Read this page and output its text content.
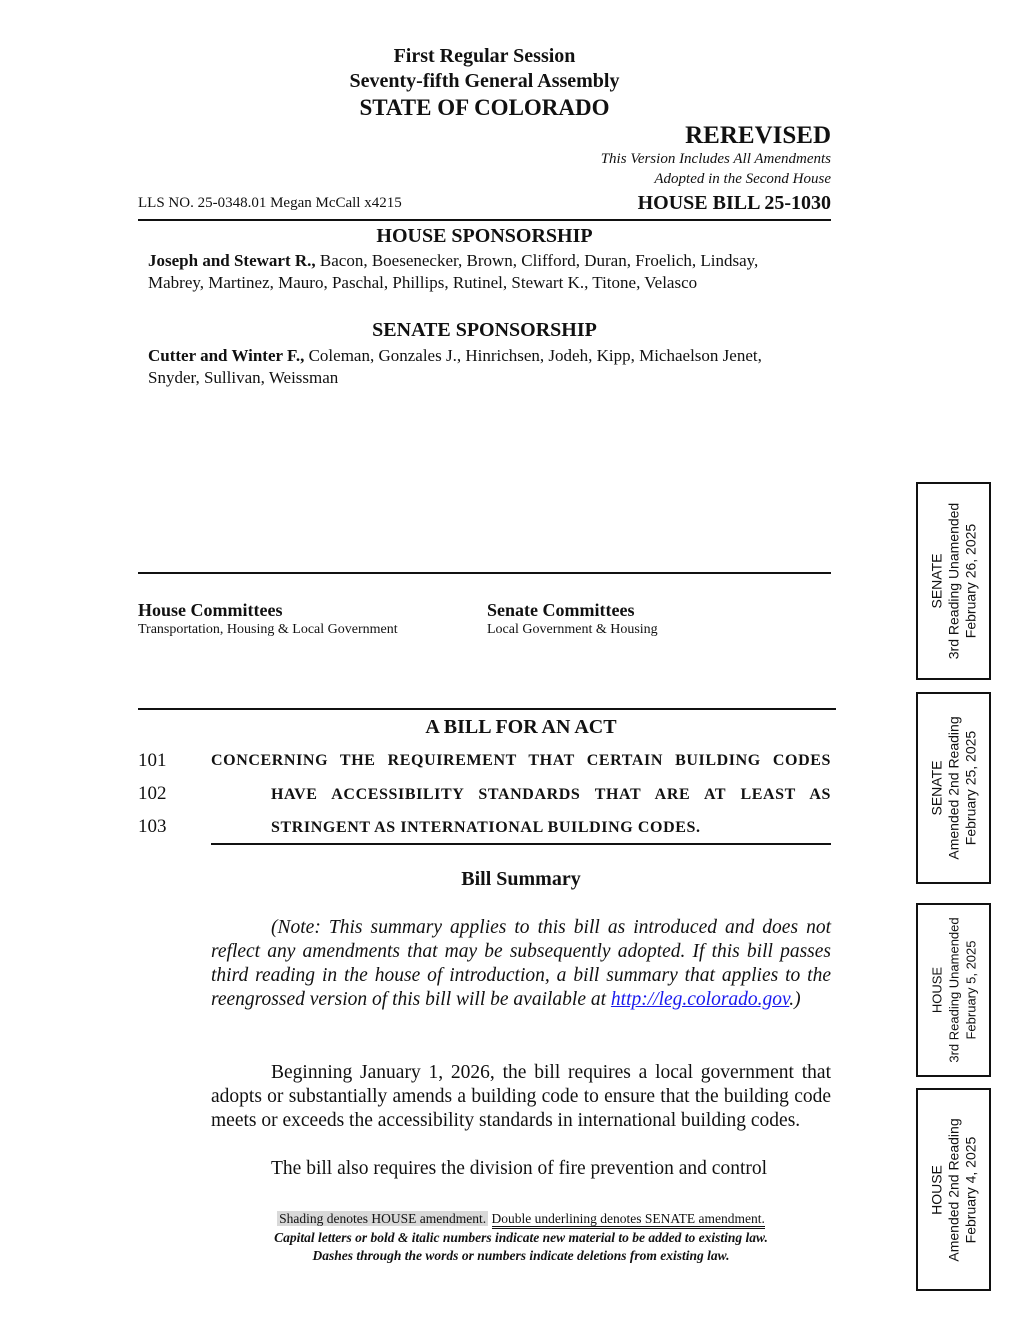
First Regular Session
Seventy-fifth General Assembly
STATE OF COLORADO
REREVISED
This Version Includes All Amendments
Adopted in the Second House
LLS NO. 25-0348.01 Megan McCall x4215	HOUSE BILL 25-1030
HOUSE SPONSORSHIP
Joseph and Stewart R., Bacon, Boesenecker, Brown, Clifford, Duran, Froelich, Lindsay,
Mabrey, Martinez, Mauro, Paschal, Phillips, Rutinel, Stewart K., Titone, Velasco
SENATE SPONSORSHIP
Cutter and Winter F., Coleman, Gonzales J., Hinrichsen, Jodeh, Kipp, Michaelson Jenet,
Snyder, Sullivan, Weissman
House Committees
Transportation, Housing & Local Government
Senate Committees
Local Government & Housing
A BILL FOR AN ACT
101	CONCERNING THE REQUIREMENT THAT CERTAIN BUILDING CODES
102	HAVE ACCESSIBILITY STANDARDS THAT ARE AT LEAST AS
103	STRINGENT AS INTERNATIONAL BUILDING CODES.
Bill Summary
(Note: This summary applies to this bill as introduced and does not reflect any amendments that may be subsequently adopted. If this bill passes third reading in the house of introduction, a bill summary that applies to the reengrossed version of this bill will be available at http://leg.colorado.gov.)
Beginning January 1, 2026, the bill requires a local government that adopts or substantially amends a building code to ensure that the building code meets or exceeds the accessibility standards in international building codes.
The bill also requires the division of fire prevention and control
SENATE 3rd Reading Unamended February 26, 2025
SENATE Amended 2nd Reading February 25, 2025
HOUSE 3rd Reading Unamended February 5, 2025
HOUSE Amended 2nd Reading February 4, 2025
Shading denotes HOUSE amendment. Double underlining denotes SENATE amendment.
Capital letters or bold & italic numbers indicate new material to be added to existing law.
Dashes through the words or numbers indicate deletions from existing law.
